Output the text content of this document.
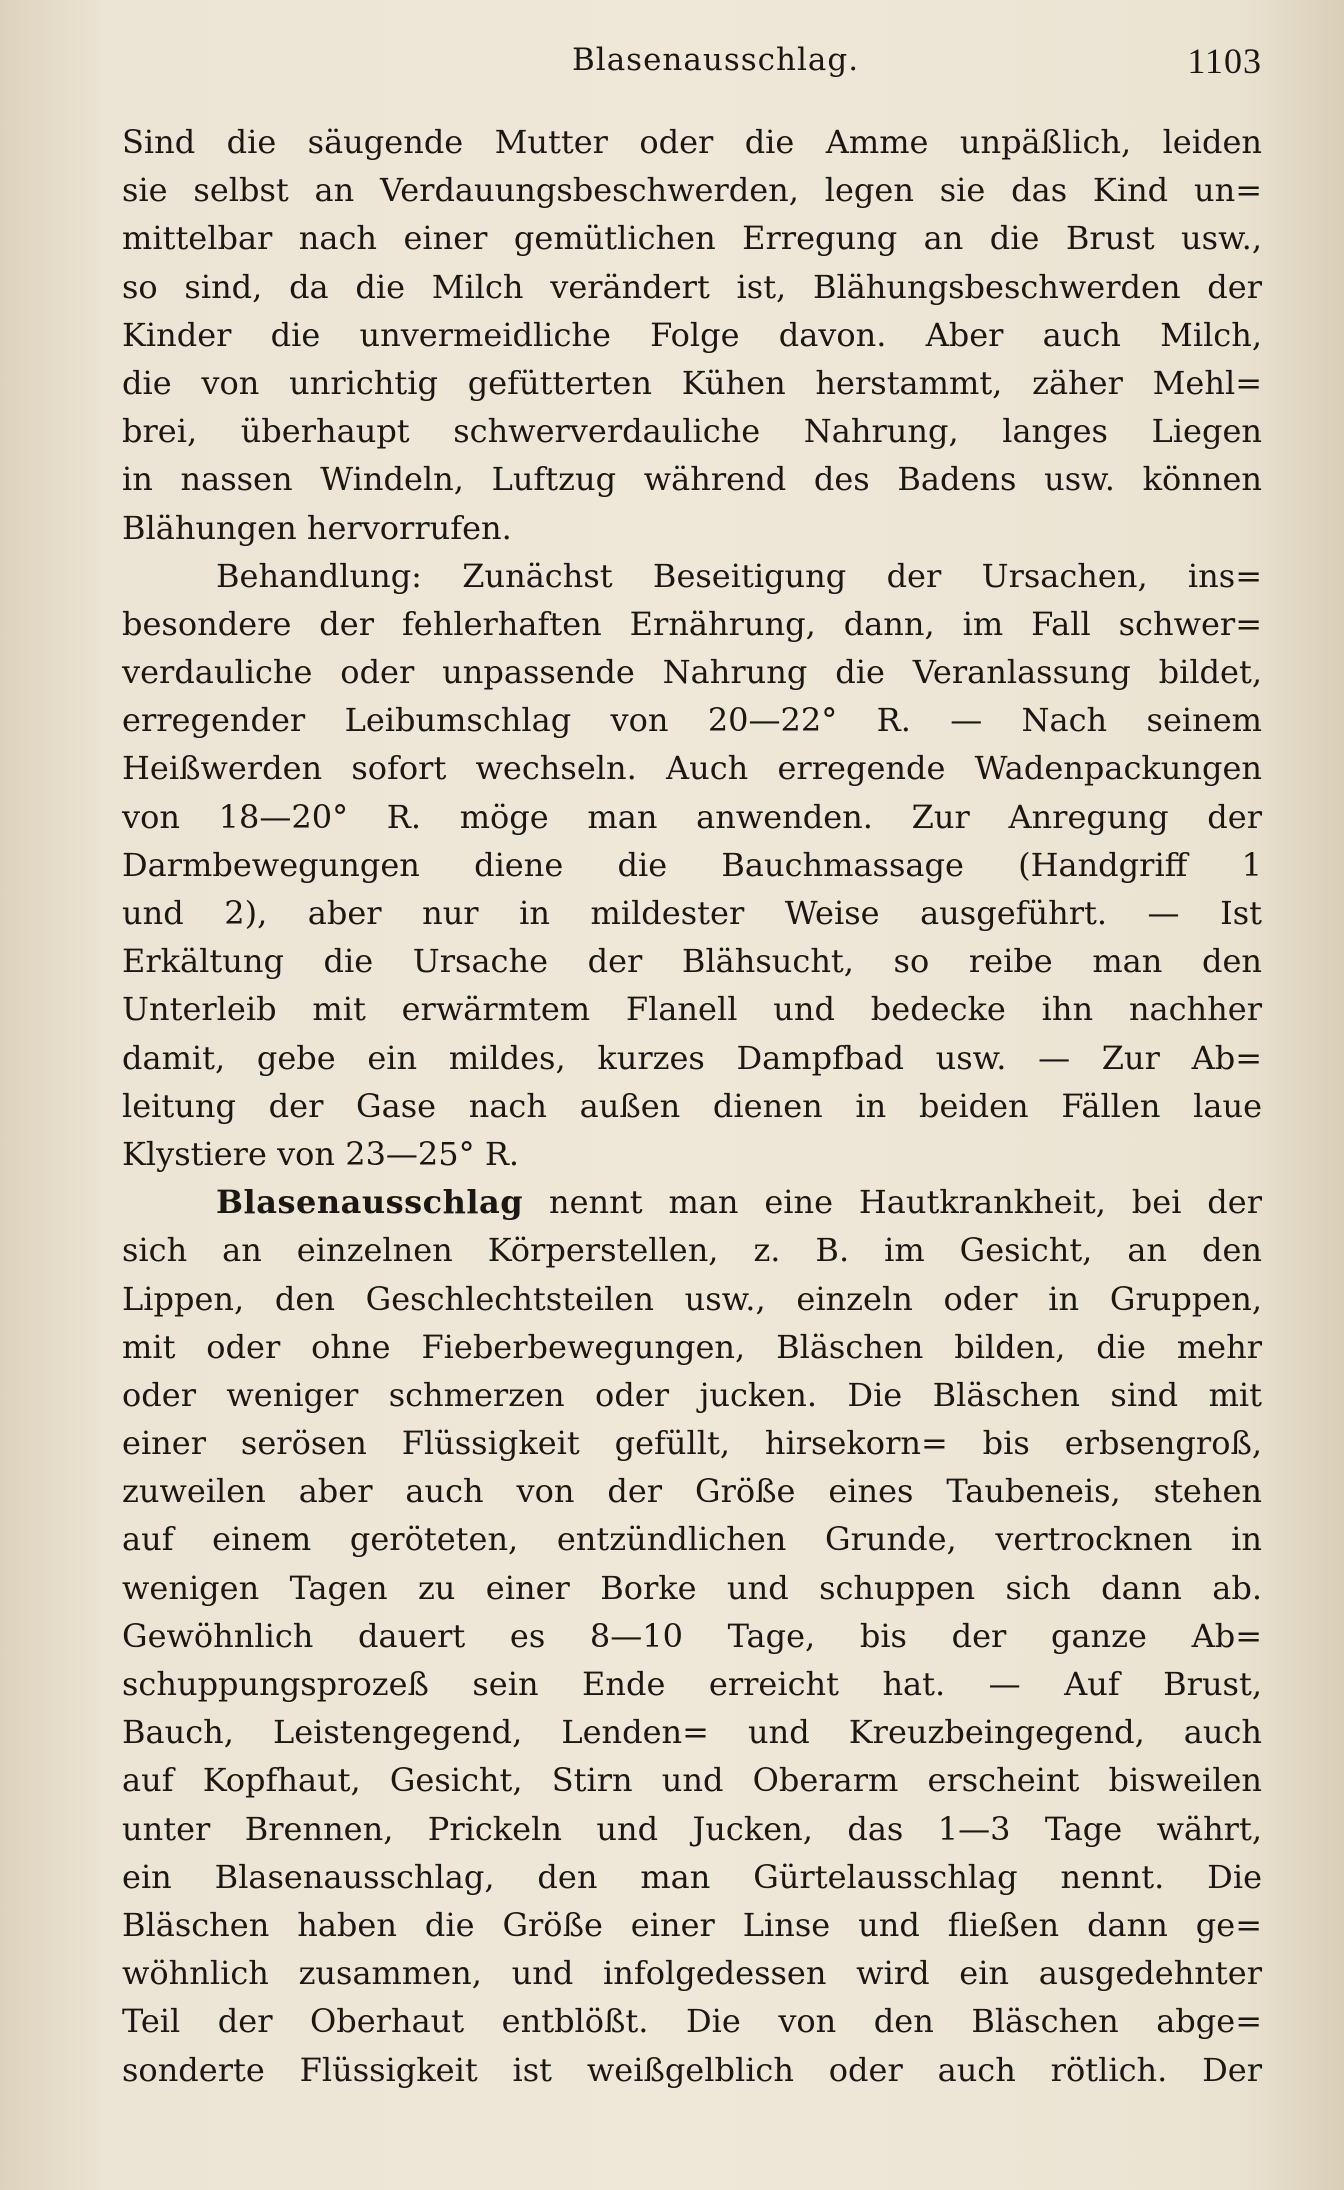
Blasenausschlag.	1103
Sind die säugende Mutter oder die Amme unpäßlich, leiden
sie selbst an Verdauungsbeschwerden, legen sie das Kind un=
mittelbar nach einer gemütlichen Erregung an die Brust usw.,
so sind, da die Milch verändert ist, Blähungsbeschwerden der
Kinder die unvermeidliche Folge davon. Aber auch Milch,
die von unrichtig gefütterten Kühen herstammt, zäher Mehl=
brei, überhaupt schwerverdauliche Nahrung, langes Liegen
in nassen Windeln, Luftzug während des Badens usw. können
Blähungen hervorrufen.
Behandlung: Zunächst Beseitigung der Ursachen, ins=
besondere der fehlerhaften Ernährung, dann, im Fall schwer=
verdauliche oder unpassende Nahrung die Veranlassung bildet,
erregender Leibumschlag von 20—22° R. — Nach seinem
Heißwerden sofort wechseln. Auch erregende Wadenpackungen
von 18—20° R. möge man anwenden. Zur Anregung der
Darmbewegungen diene die Bauchmassage (Handgriff 1
und 2), aber nur in mildester Weise ausgeführt. — Ist
Erkältung die Ursache der Blähsucht, so reibe man den
Unterleib mit erwärmtem Flanell und bedecke ihn nachher
damit, gebe ein mildes, kurzes Dampfbad usw. — Zur Ab=
leitung der Gase nach außen dienen in beiden Fällen laue
Klystiere von 23—25° R.
Blasenausschlag nennt man eine Hautkrankheit, bei der
sich an einzelnen Körperstellen, z. B. im Gesicht, an den
Lippen, den Geschlechtsteilen usw., einzeln oder in Gruppen,
mit oder ohne Fieberbewegungen, Bläschen bilden, die mehr
oder weniger schmerzen oder jucken. Die Bläschen sind mit
einer serösen Flüssigkeit gefüllt, hirsekorn= bis erbsengroß,
zuweilen aber auch von der Größe eines Taubeneis, stehen
auf einem geröteten, entzündlichen Grunde, vertrocknen in
wenigen Tagen zu einer Borke und schuppen sich dann ab.
Gewöhnlich dauert es 8—10 Tage, bis der ganze Ab=
schuppungsprozeß sein Ende erreicht hat. — Auf Brust,
Bauch, Leistengegend, Lenden= und Kreuzbeingegend, auch
auf Kopfhaut, Gesicht, Stirn und Oberarm erscheint bisweilen
unter Brennen, Prickeln und Jucken, das 1—3 Tage währt,
ein Blasenausschlag, den man Gürtelausschlag nennt. Die
Bläschen haben die Größe einer Linse und fließen dann ge=
wöhnlich zusammen, und infolgedessen wird ein ausgedehnter
Teil der Oberhaut entblößt. Die von den Bläschen abge=
sonderte Flüssigkeit ist weißgelblich oder auch rötlich. Der
